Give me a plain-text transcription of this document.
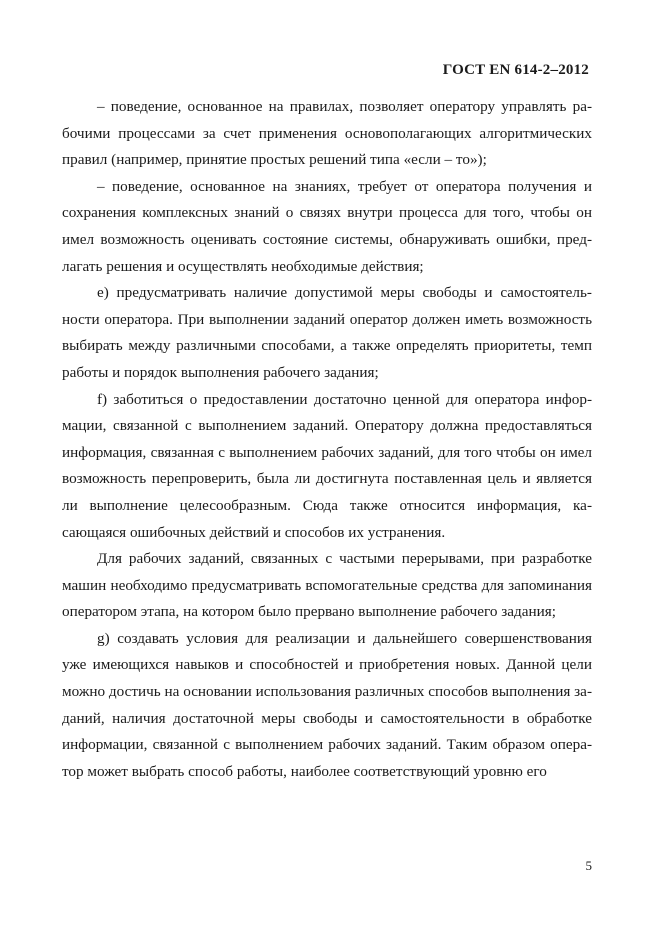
ГОСТ EN 614-2–2012

– поведение, основанное на правилах, позволяет оператору управлять рабочими процессами за счет применения основополагающих алгоритмических правил (например, принятие простых решений типа «если – то»);

– поведение, основанное на знаниях, требует от оператора получения и сохранения комплексных знаний о связях внутри процесса для того, чтобы он имел возможность оценивать состояние системы, обнаруживать ошибки, предлагать решения и осуществлять необходимые действия;

e) предусматривать наличие допустимой меры свободы и самостоятельности оператора. При выполнении заданий оператор должен иметь возможность выбирать между различными способами, а также определять приоритеты, темп работы и порядок выполнения рабочего задания;

f) заботиться о предоставлении достаточно ценной для оператора информации, связанной с выполнением заданий. Оператору должна предоставляться информация, связанная с выполнением рабочих заданий, для того чтобы он имел возможность перепроверить, была ли достигнута поставленная цель и является ли выполнение целесообразным. Сюда также относится информация, касающаяся ошибочных действий и способов их устранения.

Для рабочих заданий, связанных с частыми перерывами, при разработке машин необходимо предусматривать вспомогательные средства для запоминания оператором этапа, на котором было прервано выполнение рабочего задания;

g) создавать условия для реализации и дальнейшего совершенствования уже имеющихся навыков и способностей и приобретения новых. Данной цели можно достичь на основании использования различных способов выполнения заданий, наличия достаточной меры свободы и самостоятельности в обработке информации, связанной с выполнением рабочих заданий. Таким образом оператор может выбрать способ работы, наиболее соответствующий уровню его

5
